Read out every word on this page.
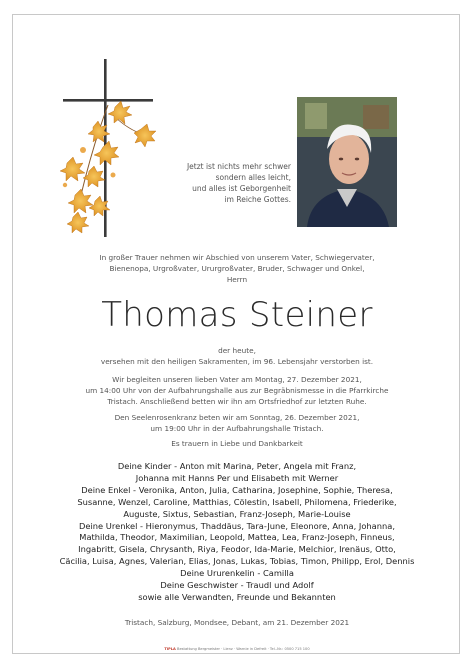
Jetzt ist nichts mehr schwer
sondern alles leicht,
und alles ist Geborgenheit
im Reiche Gottes.
In großer Trauer nehmen wir Abschied von unserem Vater, Schwiegervater,
Bienenopa, Urgroßvater, Ururgroßvater, Bruder, Schwager und Onkel,
Herrn
Thomas Steiner
der heute,
versehen mit den heiligen Sakramenten, im 96. Lebensjahr verstorben ist.
Wir begleiten unseren lieben Vater am Montag, 27. Dezember 2021,
um 14:00 Uhr von der Aufbahrungshalle aus zur Begräbnismesse in die Pfarrkirche
Tristach. Anschließend betten wir ihn am Ortsfriedhof zur letzten Ruhe.
Den Seelenrosenkranz beten wir am Sonntag, 26. Dezember 2021,
um 19:00 Uhr in der Aufbahrungshalle Tristach.
Es trauern in Liebe und Dankbarkeit
Deine Kinder - Anton mit Marina, Peter, Angela mit Franz,
Johanna mit Hanns Per und Elisabeth mit Werner
Deine Enkel - Veronika, Anton, Julia, Catharina, Josephine, Sophie, Theresa,
Susanne, Wenzel, Caroline, Matthias, Cölestin, Isabell, Philomena, Friederike,
Auguste, Sixtus, Sebastian, Franz-Joseph, Marie-Louise
Deine Urenkel - Hieronymus, Thaddäus, Tara-June, Eleonore, Anna, Johanna,
Mathilda, Theodor, Maximilian, Leopold, Mattea, Lea, Franz-Joseph, Finneus,
Ingabritt, Gisela, Chrysanth, Riya, Feodor, Ida-Marie, Melchior, Irenäus, Otto,
Cäcilia, Luisa, Agnes, Valerian, Elias, Jonas, Lukas, Tobias, Timon, Philipp, Erol, Dennis
Deine Ururenkelin - Camilla
Deine Geschwister - Traudl und Adolf
sowie alle Verwandten, Freunde und Bekannten
Tristach, Salzburg, Mondsee, Debant, am 21. Dezember 2021
TIPLA Bestattung Bergmeister · Lienz · Warnie in Defreit · Tel.-Nr.: 0500 715 100
